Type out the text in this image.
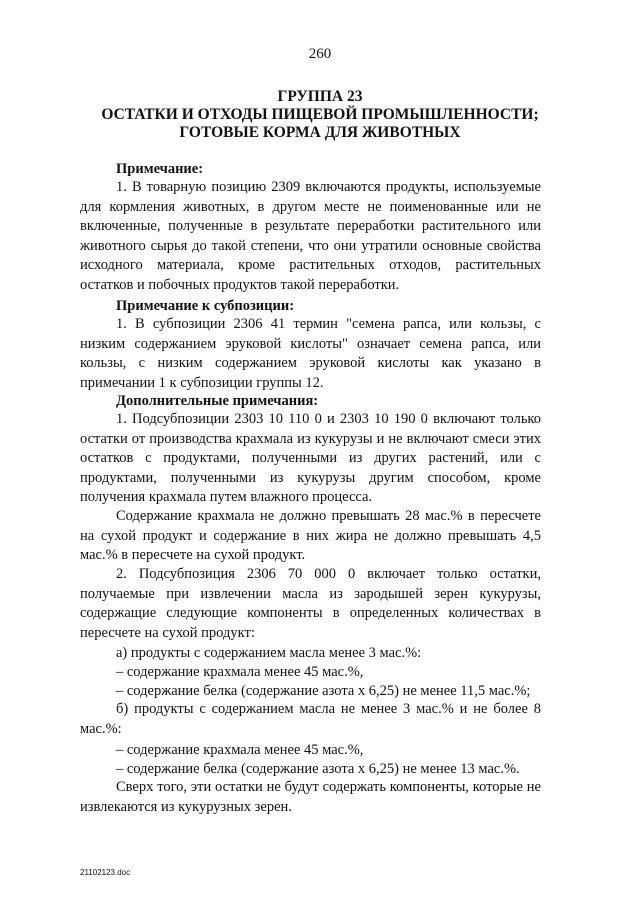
260
ГРУППА 23
ОСТАТКИ И ОТХОДЫ ПИЩЕВОЙ ПРОМЫШЛЕННОСТИ;
ГОТОВЫЕ КОРМА ДЛЯ ЖИВОТНЫХ
Примечание:
1. В товарную позицию 2309 включаются продукты, используемые для кормления животных, в другом месте не поименованные или не включенные, полученные в результате переработки растительного или животного сырья до такой степени, что они утратили основные свойства исходного материала, кроме растительных отходов, растительных остатков и побочных продуктов такой переработки.
Примечание к субпозиции:
1. В субпозиции 2306 41 термин "семена рапса, или кользы, с низким содержанием эруковой кислоты" означает семена рапса, или кользы, с низким содержанием эруковой кислоты как указано в примечании 1 к субпозиции группы 12.
Дополнительные примечания:
1. Подсубпозиции 2303 10 110 0 и 2303 10 190 0 включают только остатки от производства крахмала из кукурузы и не включают смеси этих остатков с продуктами, полученными из других растений, или с продуктами, полученными из кукурузы другим способом, кроме получения крахмала путем влажного процесса.
Содержание крахмала не должно превышать 28 мас.% в пересчете на сухой продукт и содержание в них жира не должно превышать 4,5 мас.% в пересчете на сухой продукт.
2. Подсубпозиция 2306 70 000 0 включает только остатки, получаемые при извлечении масла из зародышей зерен кукурузы, содержащие следующие компоненты в определенных количествах в пересчете на сухой продукт:
а) продукты с содержанием масла менее 3 мас.%:
– содержание крахмала менее 45 мас.%,
– содержание белка (содержание азота х 6,25) не менее 11,5 мас.%;
б) продукты с содержанием масла не менее 3 мас.% и не более 8 мас.%:
– содержание крахмала менее 45 мас.%,
– содержание белка (содержание азота х 6,25) не менее 13 мас.%.
Сверх того, эти остатки не будут содержать компоненты, которые не извлекаются из кукурузных зерен.
21102123.doc
